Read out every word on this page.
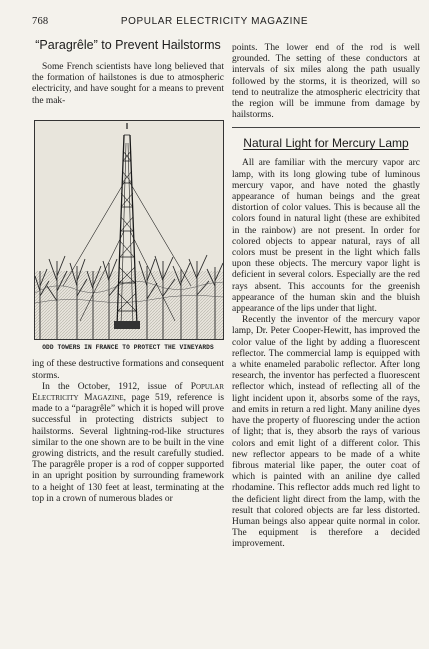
768	POPULAR ELECTRICITY MAGAZINE
“Paragrêle” to Prevent Hailstorms

Some French scientists have long believed that the formation of hailstones is due to atmospheric electricity, and have sought for a means to prevent the mak-

ODD TOWERS IN FRANCE TO PROTECT THE VINEYARDS

ing of these destructive formations and consequent storms.

In the October, 1912, issue of Popular Electricity Magazine, page 519, reference is made to a “paragrêle” which it is hoped will prove successful in protecting districts subject to hailstorms. Several lightning-rod-like structures similar to the one shown are to be built in the vine growing districts, and the result carefully studied. The paragrêle proper is a rod of copper supported in an upright position by surrounding framework to a height of 130 feet at least, terminating at the top in a crown of numerous blades or

points. The lower end of the rod is well grounded. The setting of these conductors at intervals of six miles along the path usually followed by the storms, it is theorized, will so tend to neutralize the atmospheric electricity that the region will be immune from damage by hailstorms.

Natural Light for Mercury Lamp

All are familiar with the mercury vapor arc lamp, with its long glowing tube of luminous mercury vapor, and have noted the ghastly appearance of human beings and the great distortion of color values. This is because all the colors found in natural light (these are exhibited in the rainbow) are not present. In order for colored objects to appear natural, rays of all colors must be present in the light which falls upon these objects. The mercury vapor light is deficient in several colors. Especially are the red rays absent. This accounts for the greenish appearance of the human skin and the bluish appearance of the lips under that light.

Recently the inventor of the mercury vapor lamp, Dr. Peter Cooper-Hewitt, has improved the color value of the light by adding a fluorescent reflector. The commercial lamp is equipped with a white enameled parabolic reflector. After long research, the inventor has perfected a fluorescent reflector which, instead of reflecting all of the light incident upon it, absorbs some of the rays, and emits in return a red light. Many aniline dyes have the property of fluorescing under the action of light; that is, they absorb the rays of various colors and emit light of a different color. This new reflector appears to be made of a white fibrous material like paper, the outer coat of which is painted with an aniline dye called rhodamine. This reflector adds much red light to the deficient light direct from the lamp, with the result that colored objects are far less distorted. Human beings also appear quite normal in color. The equipment is therefore a decided improvement.
